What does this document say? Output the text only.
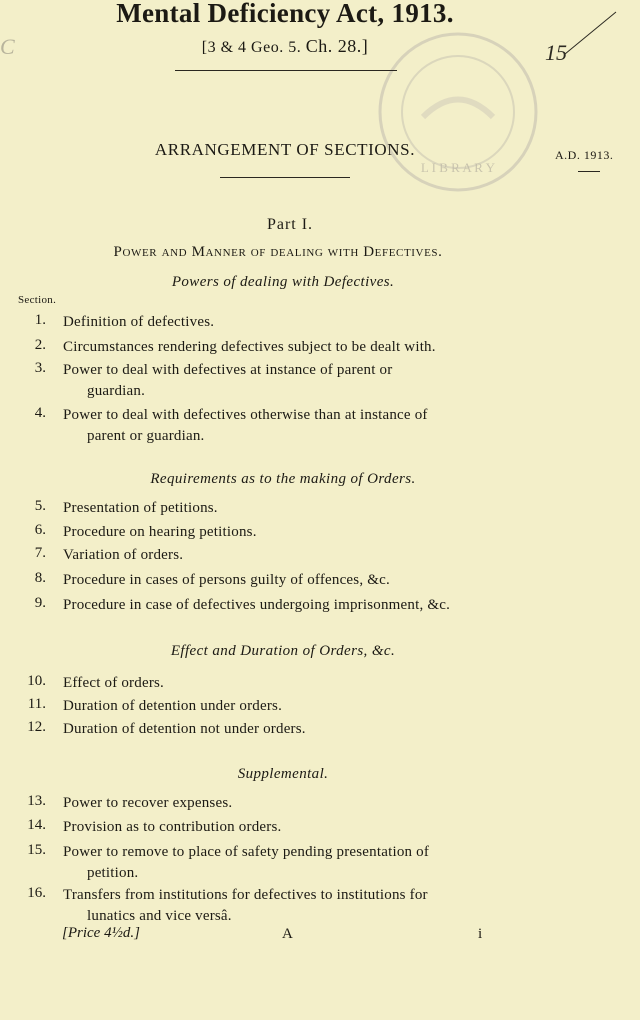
L I B R A R Y
C	15
Mental Deficiency Act, 1913.
[3 & 4 Geo. 5. Ch. 28.]
ARRANGEMENT OF SECTIONS.	A.D. 1913.
Part I.
Power and Manner of dealing with Defectives.
Section.
Powers of dealing with Defectives.
1. Definition of defectives.
2. Circumstances rendering defectives subject to be dealt with.
3. Power to deal with defectives at instance of parent or
guardian.
4. Power to deal with defectives otherwise than at instance of
parent or guardian.
Requirements as to the making of Orders.
5. Presentation of petitions.
6. Procedure on hearing petitions.
7. Variation of orders.
8. Procedure in cases of persons guilty of offences, &c.
9. Procedure in case of defectives undergoing imprisonment, &c.
Effect and Duration of Orders, &c.
10. Effect of orders.
11. Duration of detention under orders.
12. Duration of detention not under orders.
Supplemental.
13. Power to recover expenses.
14. Provision as to contribution orders.
15. Power to remove to place of safety pending presentation of
petition.
16. Transfers from institutions for defectives to institutions for
lunatics and vice versâ.
[Price 4½d.]	A	i
